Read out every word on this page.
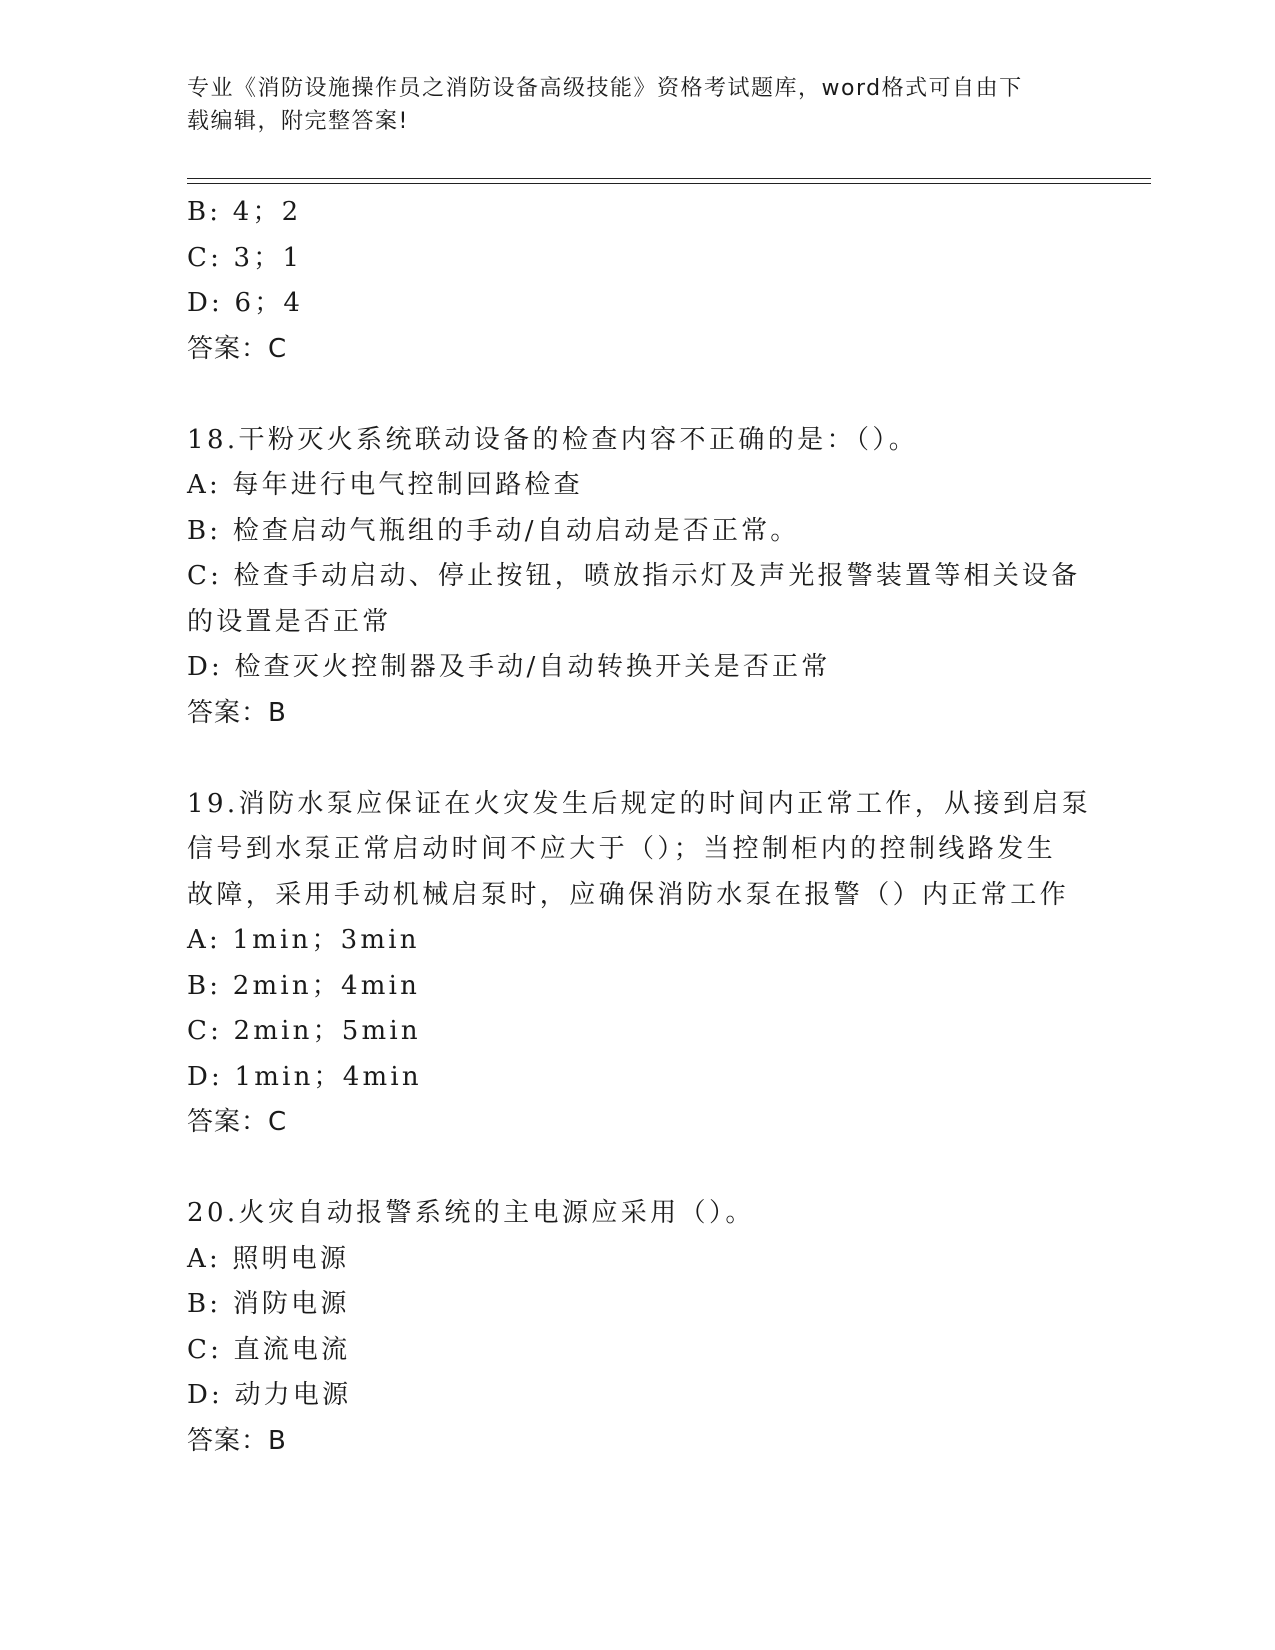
专业《消防设施操作员之消防设备高级技能》资格考试题库，word格式可自由下
载编辑，附完整答案!
B: 4；2
C: 3；1
D: 6；4
答案：C
18.干粉灭火系统联动设备的检查内容不正确的是：（）。
A: 每年进行电气控制回路检查
B: 检查启动气瓶组的手动/自动启动是否正常。
C: 检查手动启动、停止按钮，喷放指示灯及声光报警装置等相关设备
的设置是否正常
D: 检查灭火控制器及手动/自动转换开关是否正常
答案：B
19.消防水泵应保证在火灾发生后规定的时间内正常工作，从接到启泵
信号到水泵正常启动时间不应大于（）；当控制柜内的控制线路发生
故障，采用手动机械启泵时，应确保消防水泵在报警（）内正常工作
A: 1min；3min
B: 2min；4min
C: 2min；5min
D: 1min；4min
答案：C
20.火灾自动报警系统的主电源应采用（）。
A: 照明电源
B: 消防电源
C: 直流电流
D: 动力电源
答案：B
